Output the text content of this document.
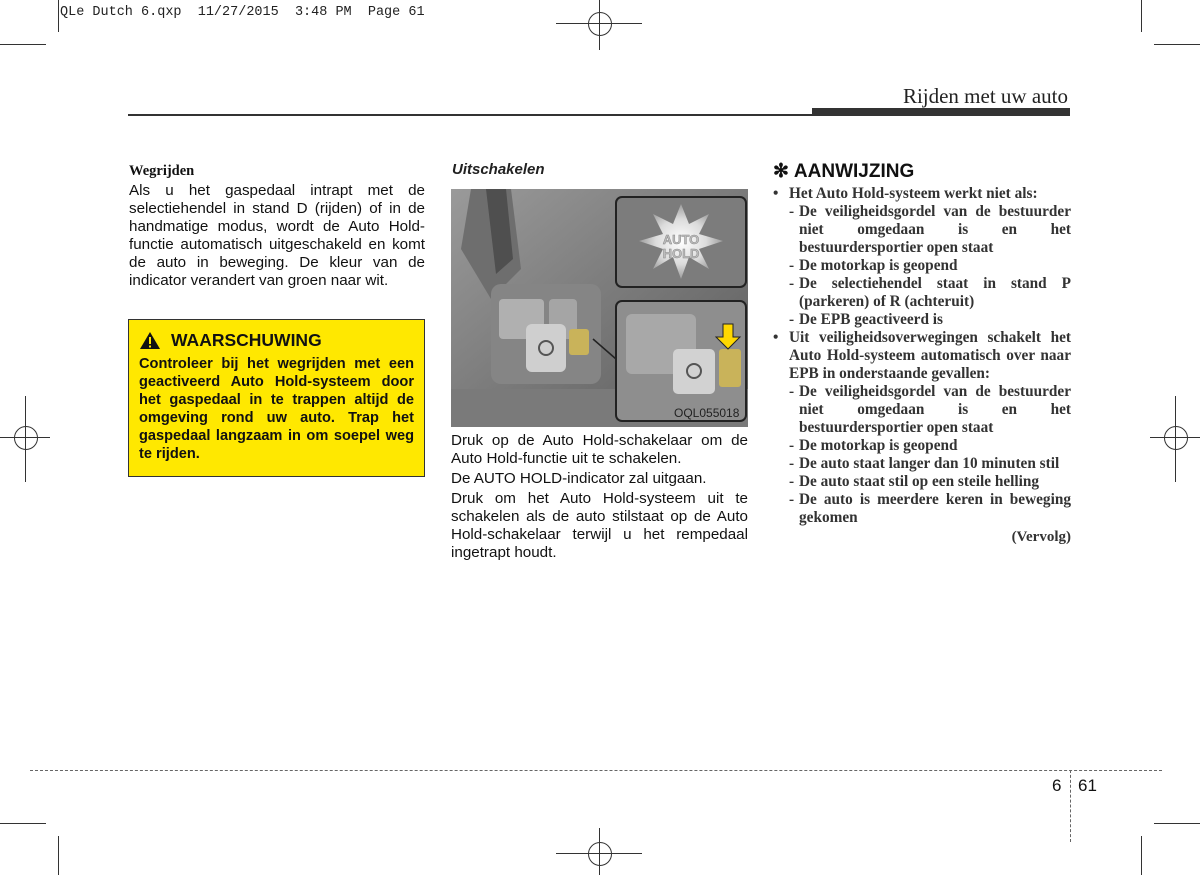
QLe Dutch 6.qxp  11/27/2015  3:48 PM  Page 61
Rijden met uw auto
Wegrijden

Als u het gaspedaal intrapt met de selectiehendel in stand D (rijden) of in de handmatige modus, wordt de Auto Hold-functie automatisch uitgeschakeld en komt de auto in beweging. De kleur van de indicator verandert van groen naar wit.

WAARSCHUWING
Controleer bij het wegrijden met een geactiveerd Auto Hold-systeem door het gaspedaal in te trappen altijd de omgeving rond uw auto. Trap het gaspedaal langzaam in om soepel weg te rijden.
Uitschakelen
AUTO
HOLD
OQL055018

Druk op de Auto Hold-schakelaar om de Auto Hold-functie uit te schakelen.

De AUTO HOLD-indicator zal uitgaan.

Druk om het Auto Hold-systeem uit te schakelen als de auto stilstaat op de Auto Hold-schakelaar terwijl u het rempedaal ingetrapt houdt.

✻ AANWIJZING
• Het Auto Hold-systeem werkt niet als:
- De veiligheidsgordel van de bestuurder niet omgedaan is en het bestuurdersportier open staat
- De motorkap is geopend
- De selectiehendel staat in stand P (parkeren) of R (achteruit)
- De EPB geactiveerd is
• Uit veiligheidsoverwegingen schakelt het Auto Hold-systeem automatisch over naar EPB in onderstaande gevallen:
- De veiligheidsgordel van de bestuurder niet omgedaan is en het bestuurdersportier open staat
- De motorkap is geopend
- De auto staat langer dan 10 minuten stil
- De auto staat stil op een steile helling
- De auto is meerdere keren in beweging gekomen
(Vervolg)
6 61
